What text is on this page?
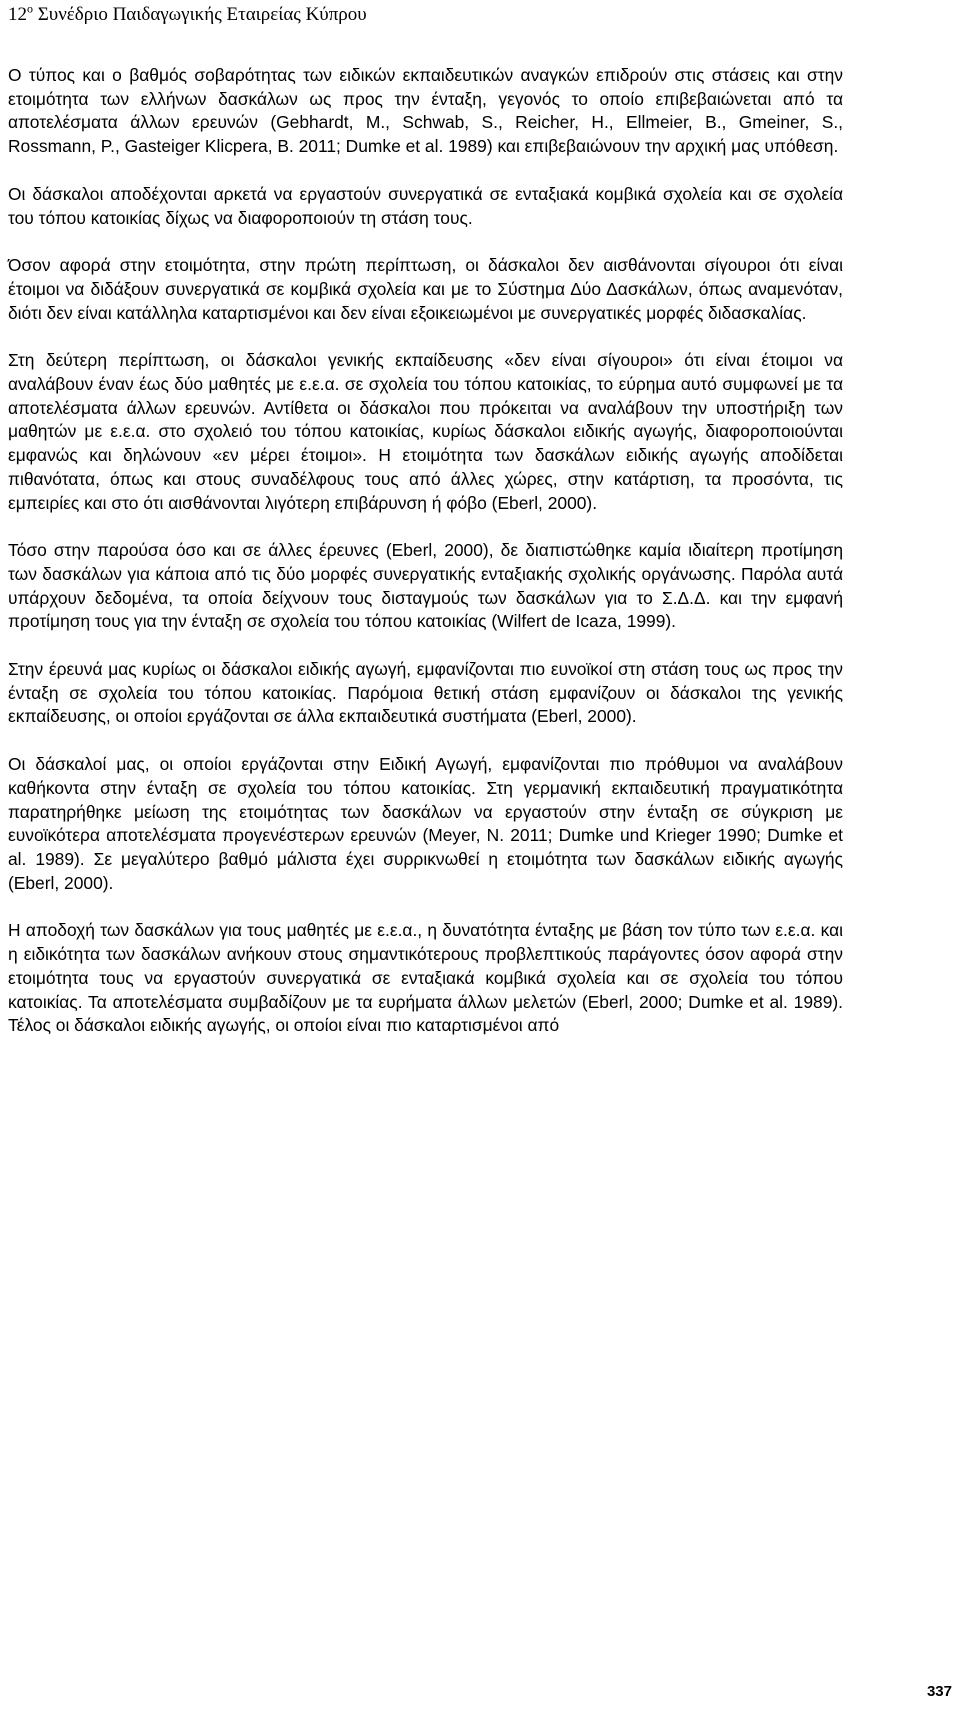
$12^o$ Συνέδριο Παιδαγωγικής Εταιρείας Κύπρου

Ο τύπος και ο βαθμός σοβαρότητας των ειδικών εκπαιδευτικών αναγκών επιδρούν στις στάσεις και στην ετοιμότητα των ελλήνων δασκάλων ως προς την ένταξη, γεγονός το οποίο επιβεβαιώνεται από τα αποτελέσματα άλλων ερευνών (Gebhardt, M., Schwab, S., Reicher, H., Ellmeier, B., Gmeiner, S., Rossmann, P., Gasteiger Klicpera, B. 2011; Dumke et al. 1989) και επιβεβαιώνουν την αρχική μας υπόθεση.

Οι δάσκαλοι αποδέχονται αρκετά να εργαστούν συνεργατικά σε ενταξιακά κομβικά σχολεία και σε σχολεία του τόπου κατοικίας δίχως να διαφοροποιούν τη στάση τους.

Όσον αφορά στην ετοιμότητα, στην πρώτη περίπτωση, οι δάσκαλοι δεν αισθάνονται σίγουροι ότι είναι έτοιμοι να διδάξουν συνεργατικά σε κομβικά σχολεία και με το Σύστημα Δύο Δασκάλων, όπως αναμενόταν, διότι δεν είναι κατάλληλα καταρτισμένοι και δεν είναι εξοικειωμένοι με συνεργατικές μορφές διδασκαλίας.

Στη δεύτερη περίπτωση, οι δάσκαλοι γενικής εκπαίδευσης «δεν είναι σίγουροι» ότι είναι έτοιμοι να αναλάβουν έναν έως δύο μαθητές με ε.ε.α. σε σχολεία του τόπου κατοικίας, το εύρημα αυτό συμφωνεί με τα αποτελέσματα άλλων ερευνών. Αντίθετα οι δάσκαλοι που πρόκειται να αναλάβουν την υποστήριξη των μαθητών με ε.ε.α. στο σχολειό του τόπου κατοικίας, κυρίως δάσκαλοι ειδικής αγωγής, διαφοροποιούνται εμφανώς και δηλώνουν «εν μέρει έτοιμοι». Η ετοιμότητα των δασκάλων ειδικής αγωγής αποδίδεται πιθανότατα, όπως και στους συναδέλφους τους από άλλες χώρες, στην κατάρτιση, τα προσόντα, τις εμπειρίες και στο ότι αισθάνονται λιγότερη επιβάρυνση ή φόβο (Eberl, 2000).

Τόσο στην παρούσα όσο και σε άλλες έρευνες (Eberl, 2000), δε διαπιστώθηκε καμία ιδιαίτερη προτίμηση των δασκάλων για κάποια από τις δύο μορφές συνεργατικής ενταξιακής σχολικής οργάνωσης. Παρόλα αυτά υπάρχουν δεδομένα, τα οποία δείχνουν τους δισταγμούς των δασκάλων για το Σ.Δ.Δ. και την εμφανή προτίμηση τους για την ένταξη σε σχολεία του τόπου κατοικίας (Wilfert de Icaza, 1999).

Στην έρευνά μας κυρίως οι δάσκαλοι ειδικής αγωγή, εμφανίζονται πιο ευνοϊκοί στη στάση τους ως προς την ένταξη σε σχολεία του τόπου κατοικίας. Παρόμοια θετική στάση εμφανίζουν οι δάσκαλοι της γενικής εκπαίδευσης, οι οποίοι εργάζονται σε άλλα εκπαιδευτικά συστήματα (Eberl, 2000).

Οι δάσκαλοί μας, οι οποίοι εργάζονται στην Ειδική Αγωγή, εμφανίζονται πιο πρόθυμοι να αναλάβουν καθήκοντα στην ένταξη σε σχολεία του τόπου κατοικίας. Στη γερμανική εκπαιδευτική πραγματικότητα παρατηρήθηκε μείωση της ετοιμότητας των δασκάλων να εργαστούν στην ένταξη σε σύγκριση με ευνοϊκότερα αποτελέσματα προγενέστερων ερευνών (Meyer, N. 2011; Dumke und Krieger 1990; Dumke et al. 1989). Σε μεγαλύτερο βαθμό μάλιστα έχει συρρικνωθεί η ετοιμότητα των δασκάλων ειδικής αγωγής (Eberl, 2000).

Η αποδοχή των δασκάλων για τους μαθητές με ε.ε.α., η δυνατότητα ένταξης με βάση τον τύπο των ε.ε.α. και η ειδικότητα των δασκάλων ανήκουν στους σημαντικότερους προβλεπτικούς παράγοντες όσον αφορά στην ετοιμότητα τους να εργαστούν συνεργατικά σε ενταξιακά κομβικά σχολεία και σε σχολεία του τόπου κατοικίας. Τα αποτελέσματα συμβαδίζουν με τα ευρήματα άλλων μελετών (Eberl, 2000; Dumke et al. 1989). Τέλος οι δάσκαλοι ειδικής αγωγής, οι οποίοι είναι πιο καταρτισμένοι από

337
